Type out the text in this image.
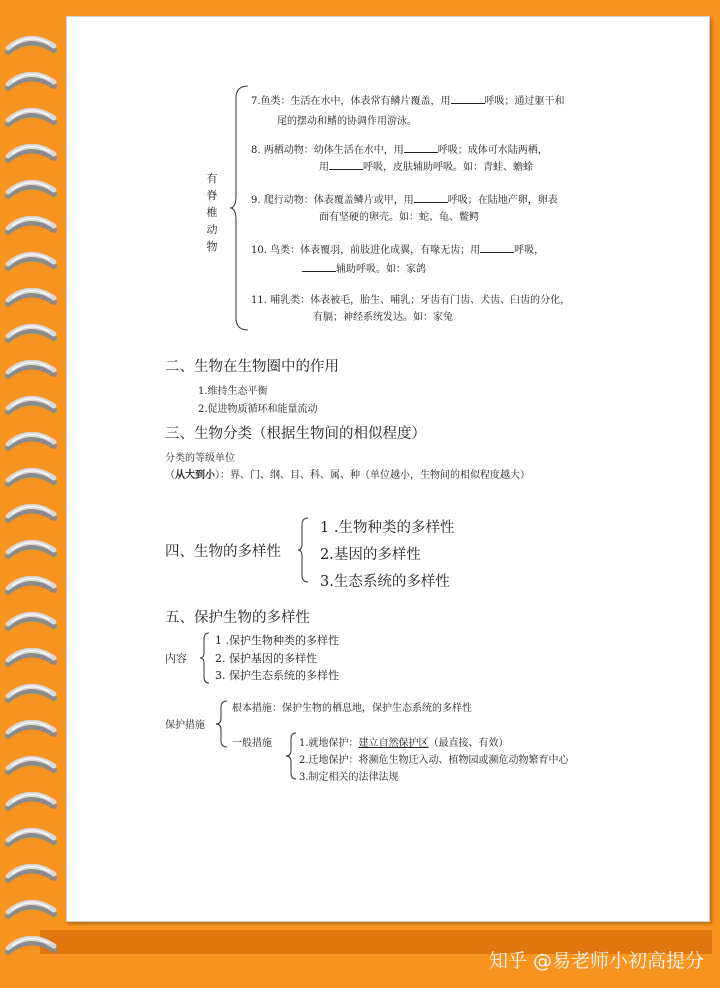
有
脊
椎
动
物
7.鱼类：生活在水中，体表常有鳞片覆盖，用	呼吸；通过躯干和
尾的摆动和鳍的协调作用游泳。
8. 两栖动物：幼体生活在水中，用	呼吸；成体可水陆两栖，
用	呼吸，皮肤辅助呼吸。如：青蛙、蟾蜍
9. 爬行动物：体表覆盖鳞片或甲，用	呼吸；在陆地产卵，卵表
面有坚硬的卵壳。如：蛇、龟、鳖鳄
10. 鸟类：体表覆羽，前肢进化成翼，有喙无齿；用	呼吸，
辅助呼吸。如：家鸽
11. 哺乳类：体表被毛，胎生、哺乳；牙齿有门齿、犬齿、臼齿的分化，
有膈；神经系统发达。如：家兔
二、生物在生物圈中的作用
1.维持生态平衡
2.促进物质循环和能量流动
三、生物分类（根据生物间的相似程度）
分类的等级单位
（从大到小）：界、门、纲、目、科、属、种（单位越小，生物间的相似程度越大）
四、生物的多样性
1 .生物种类的多样性
2.基因的多样性
3.生态系统的多样性
五、保护生物的多样性
内容
1 .保护生物种类的多样性
2. 保护基因的多样性
3. 保护生态系统的多样性
保护措施
根本措施：保护生物的栖息地，保护生态系统的多样性
一般措施	1.就地保护：建立自然保护区（最直接、有效）
2.迁地保护：将濒危生物迁入动、植物园或濒危动物繁育中心
3.制定相关的法律法规
知乎 @易老师小初高提分
